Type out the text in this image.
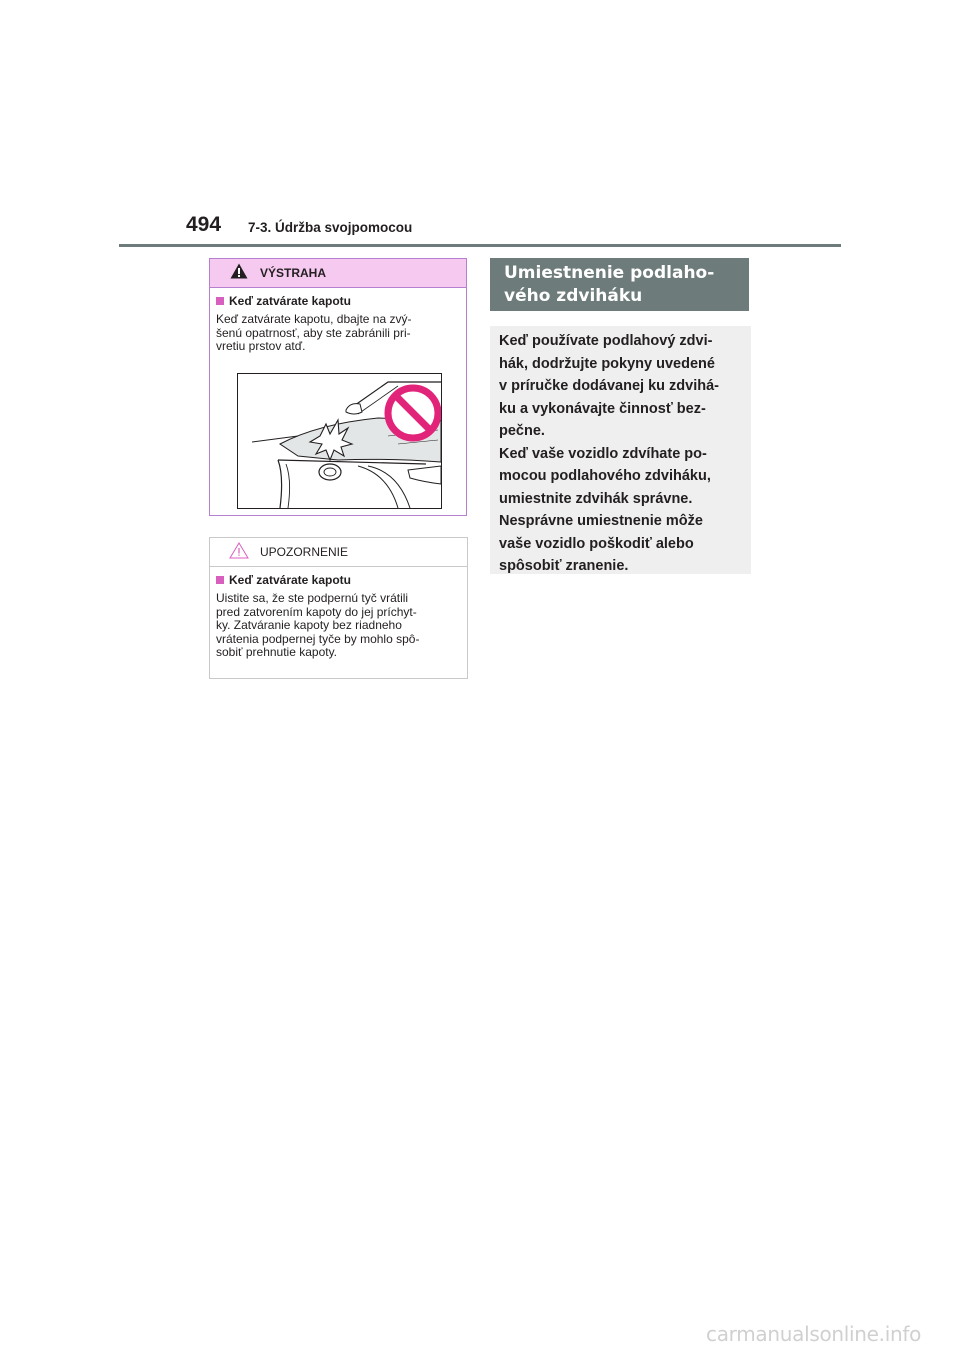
494 7-3. Údržba svojpomocou
VÝSTRAHA
Keď zatvárate kapotu
Keď zatvárate kapotu, dbajte na zvý-
šenú opatrnosť, aby ste zabránili pri-
vretiu prstov atď.
UPOZORNENIE
Keď zatvárate kapotu
Uistite sa, že ste podpernú tyč vrátili
pred zatvorením kapoty do jej príchyt-
ky. Zatváranie kapoty bez riadneho
vrátenia podpernej tyče by mohlo spô-
sobiť prehnutie kapoty.
Umiestnenie podlaho-
vého zdviháku
Keď používate podlahový zdvi-
hák, dodržujte pokyny uvedené
v príručke dodávanej ku zdvihá-
ku a vykonávajte činnosť bez-
pečne.
Keď vaše vozidlo zdvíhate po-
mocou podlahového zdviháku,
umiestnite zdvihák správne.
Nesprávne umiestnenie môže
vaše vozidlo poškodiť alebo
spôsobiť zranenie.
carmanualsonline.info
